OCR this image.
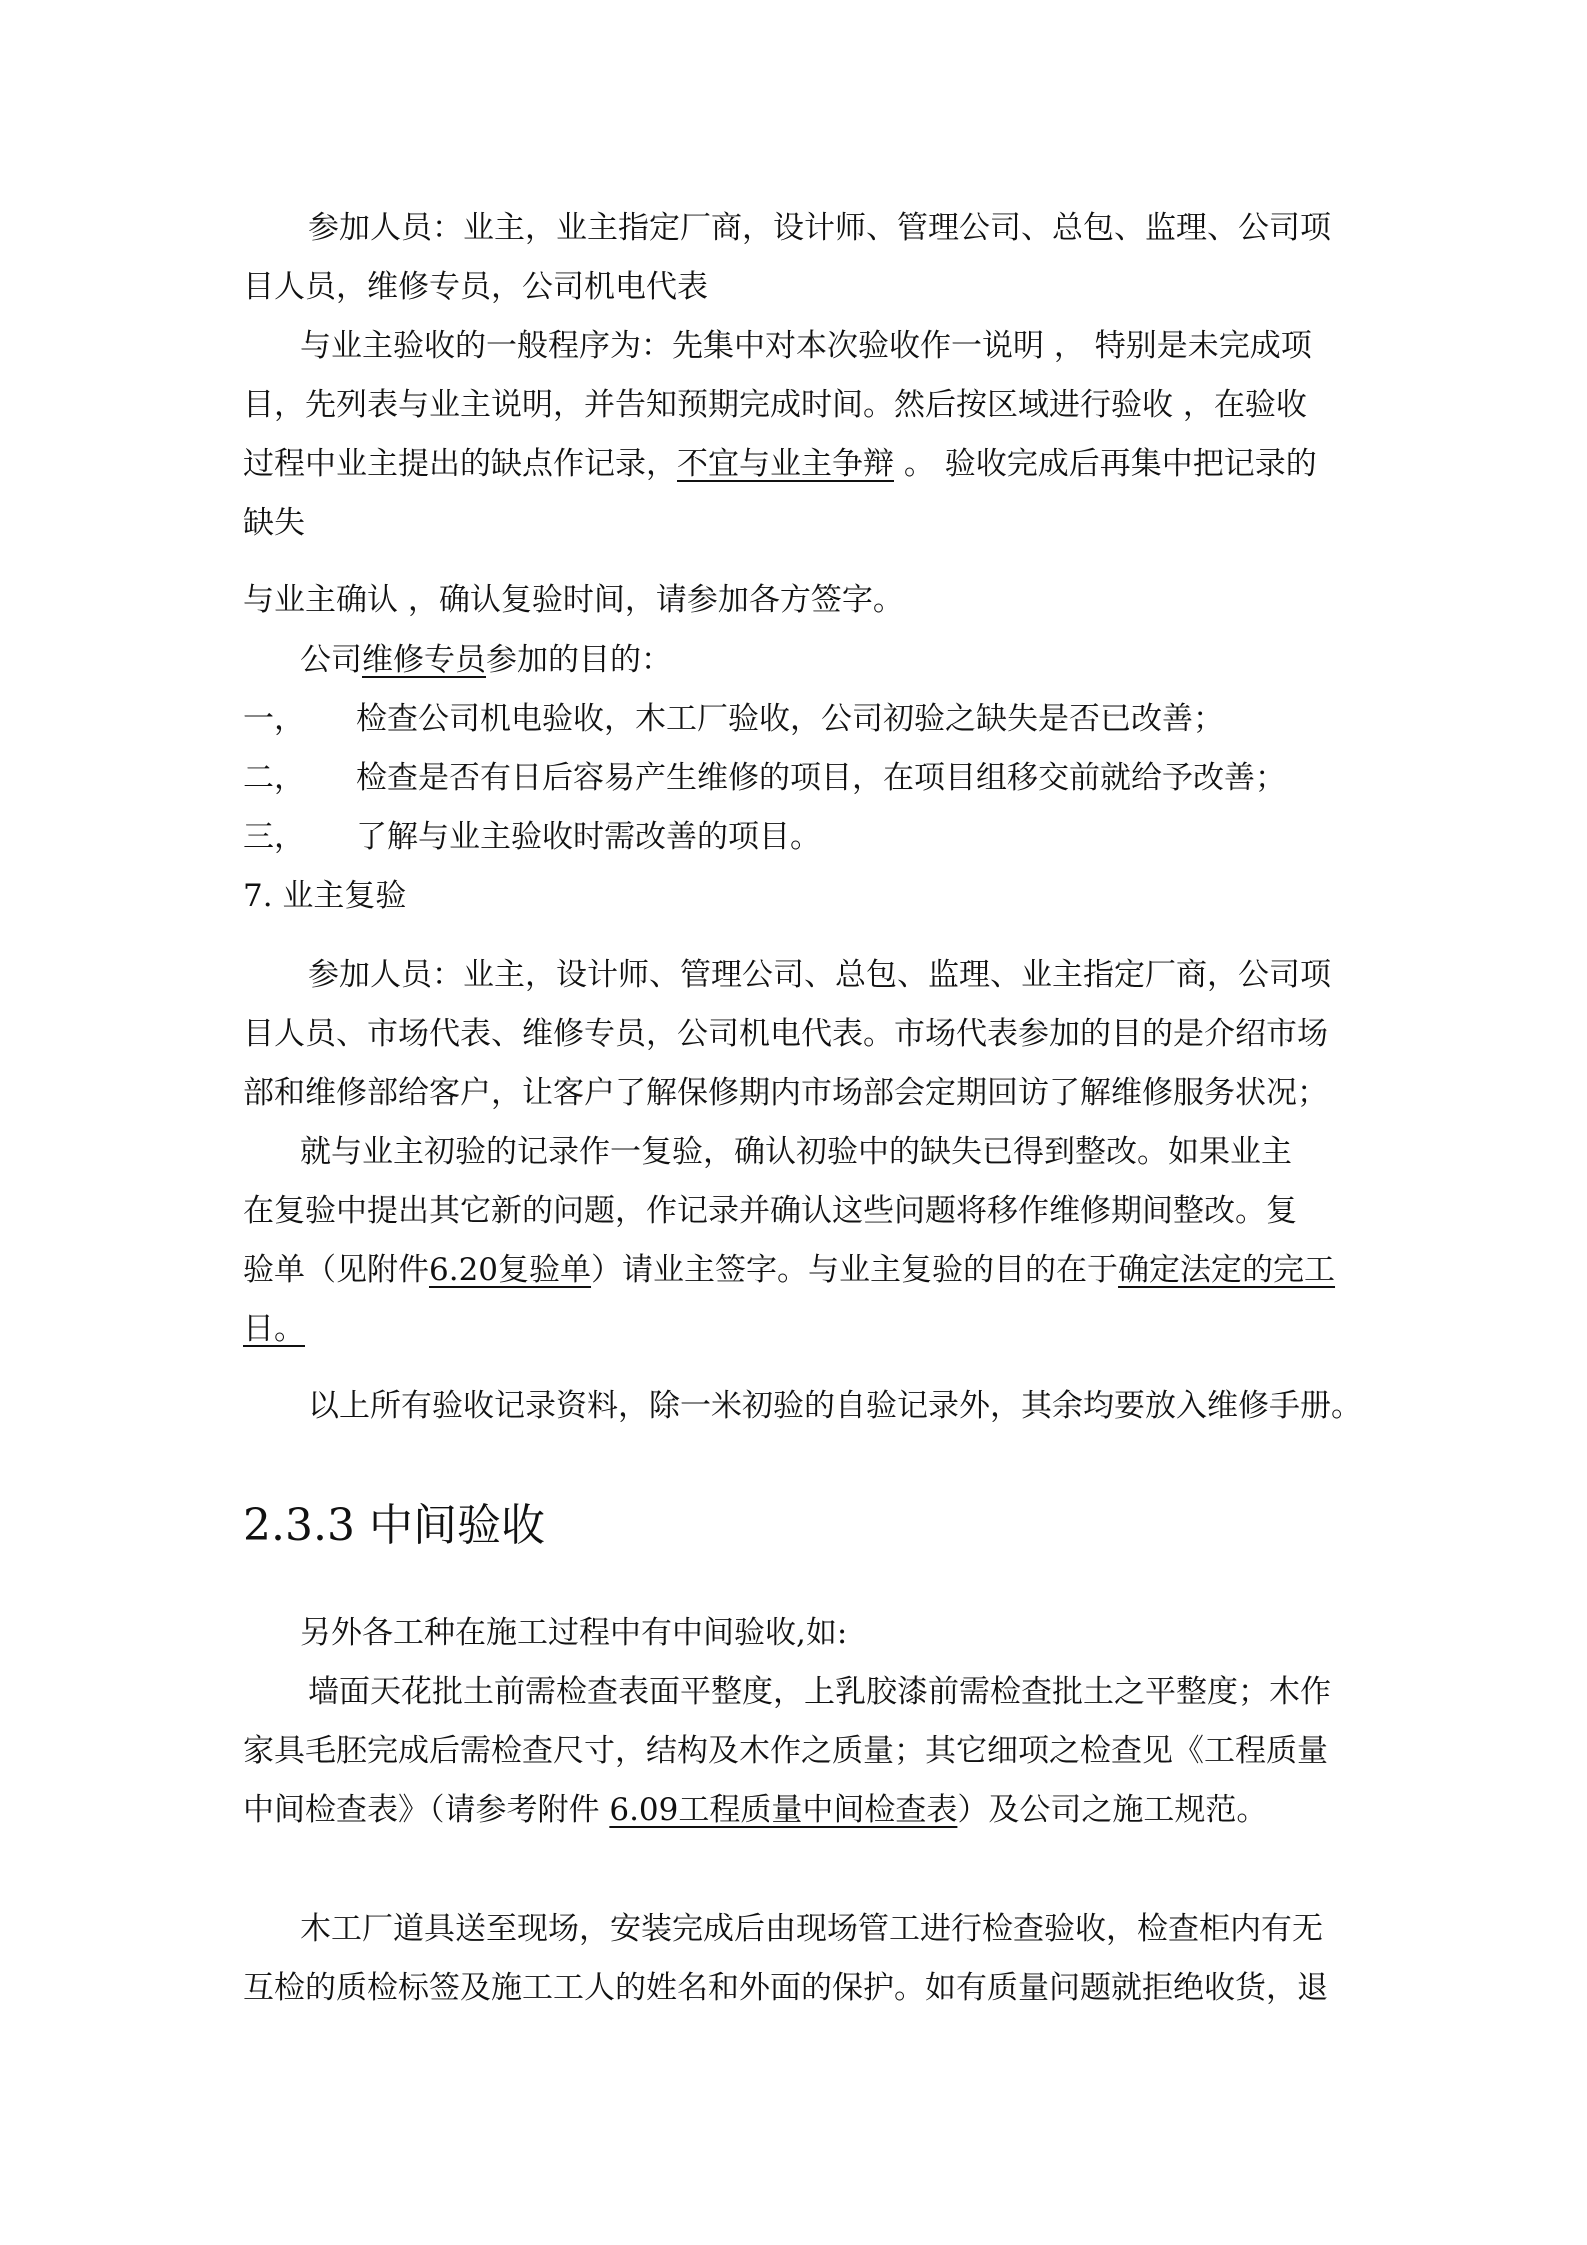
参加人员：业主，业主指定厂商，设计师、管理公司、总包、监理、公司项
目人员，维修专员，公司机电代表
与业主验收的一般程序为：先集中对本次验收作一说明 ， 特别是未完成项
目，先列表与业主说明，并告知预期完成时间。然后按区域进行验收 ，在验收
过程中业主提出的缺点作记录，不宜与业主争辩 。 验收完成后再集中把记录的
缺失
与业主确认 ，确认复验时间，请参加各方签字。
公司维修专员参加的目的：
一， 检查公司机电验收，木工厂验收，公司初验之缺失是否已改善；
二， 检查是否有日后容易产生维修的项目，在项目组移交前就给予改善；
三， 了解与业主验收时需改善的项目。
7. 业主复验
参加人员：业主，设计师、管理公司、总包、监理、业主指定厂商，公司项
目人员、市场代表、维修专员，公司机电代表。市场代表参加的目的是介绍市场
部和维修部给客户，让客户了解保修期内市场部会定期回访了解维修服务状况；
就与业主初验的记录作一复验，确认初验中的缺失已得到整改。如果业主
在复验中提出其它新的问题，作记录并确认这些问题将移作维修期间整改。复
验单（见附件6.20复验单）请业主签字。与业主复验的目的在于确定法定的完工
日。
以上所有验收记录资料，除一米初验的自验记录外，其余均要放入维修手册。
2.3.3 中间验收
另外各工种在施工过程中有中间验收,如:
墙面天花批土前需检查表面平整度，上乳胶漆前需检查批土之平整度；木作
家具毛胚完成后需检查尺寸，结构及木作之质量；其它细项之检查见《工程质量
中间检查表》（请参考附件 6.09工程质量中间检查表）及公司之施工规范。
木工厂道具送至现场，安装完成后由现场管工进行检查验收，检查柜内有无
互检的质检标签及施工工人的姓名和外面的保护。如有质量问题就拒绝收货，退
